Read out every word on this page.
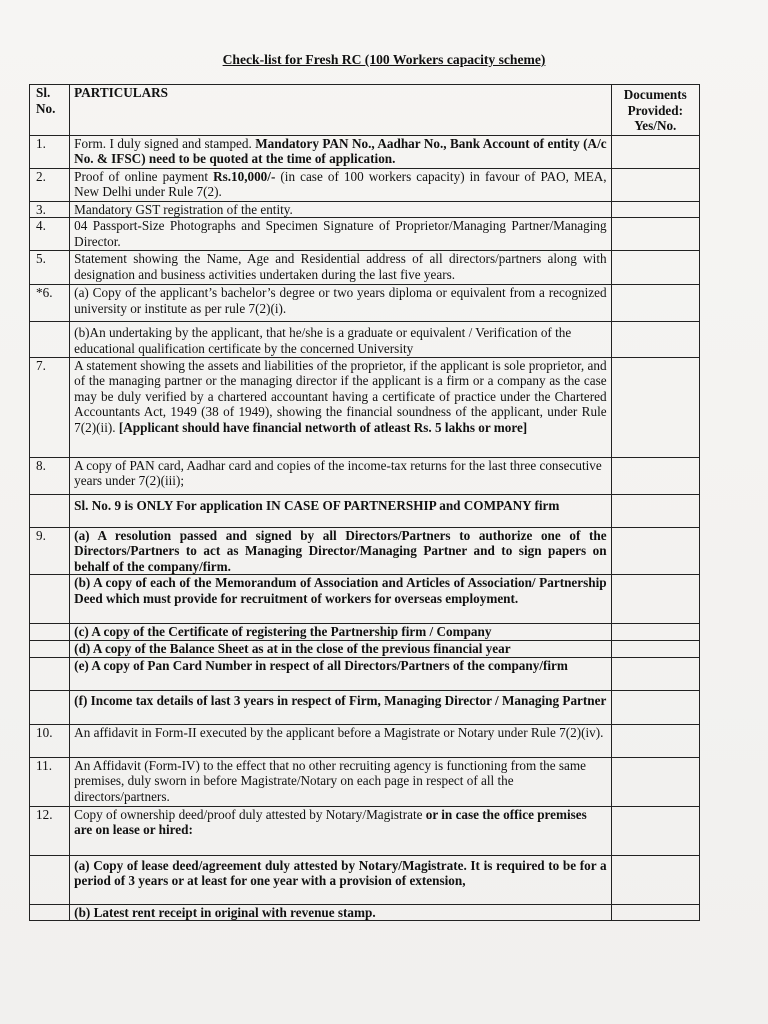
Check-list for Fresh RC (100 Workers capacity scheme)
Sl. No.	PARTICULARS	Documents Provided: Yes/No.
1.	Form. I duly signed and stamped. Mandatory PAN No., Aadhar No., Bank Account of entity (A/c No. & IFSC) need to be quoted at the time of application.	
2.	Proof of online payment Rs.10,000/- (in case of 100 workers capacity) in favour of PAO, MEA, New Delhi under Rule 7(2).	
3.	Mandatory GST registration of the entity.	
4.	04 Passport-Size Photographs and Specimen Signature of Proprietor/Managing Partner/Managing Director.	
5.	Statement showing the Name, Age and Residential address of all directors/partners along with designation and business activities undertaken during the last five years.	
*6.	(a) Copy of the applicant’s bachelor’s degree or two years diploma or equivalent from a recognized university or institute as per rule 7(2)(i).	
	(b)An undertaking by the applicant, that he/she is a graduate or equivalent / Verification of the educational qualification certificate by the concerned University	
7.	A statement showing the assets and liabilities of the proprietor, if the applicant is sole proprietor, and of the managing partner or the managing director if the applicant is a firm or a company as the case may be duly verified by a chartered accountant having a certificate of practice under the Chartered Accountants Act, 1949 (38 of 1949), showing the financial soundness of the applicant, under Rule 7(2)(ii). [Applicant should have financial networth of atleast Rs. 5 lakhs or more]	
8.	A copy of PAN card, Aadhar card and copies of the income-tax returns for the last three consecutive years under 7(2)(iii);	
	Sl. No. 9 is ONLY For application IN CASE OF PARTNERSHIP and COMPANY firm	
9.	(a) A resolution passed and signed by all Directors/Partners to authorize one of the Directors/Partners to act as Managing Director/Managing Partner and to sign papers on behalf of the company/firm.	
	(b) A copy of each of the Memorandum of Association and Articles of Association/ Partnership Deed which must provide for recruitment of workers for overseas employment.	
	(c) A copy of the Certificate of registering the Partnership firm / Company	
	(d) A copy of the Balance Sheet as at in the close of the previous financial year	
	(e) A copy of Pan Card Number in respect of all Directors/Partners of the company/firm	
	(f) Income tax details of last 3 years in respect of Firm, Managing Director / Managing Partner	
10.	An affidavit in Form-II executed by the applicant before a Magistrate or Notary under Rule 7(2)(iv).	
11.	An Affidavit (Form-IV) to the effect that no other recruiting agency is functioning from the same premises, duly sworn in before Magistrate/Notary on each page in respect of all the directors/partners.	
12.	Copy of ownership deed/proof duly attested by Notary/Magistrate or in case the office premises are on lease or hired:	
	(a) Copy of lease deed/agreement duly attested by Notary/Magistrate. It is required to be for a period of 3 years or at least for one year with a provision of extension,	
	(b) Latest rent receipt in original with revenue stamp.	
